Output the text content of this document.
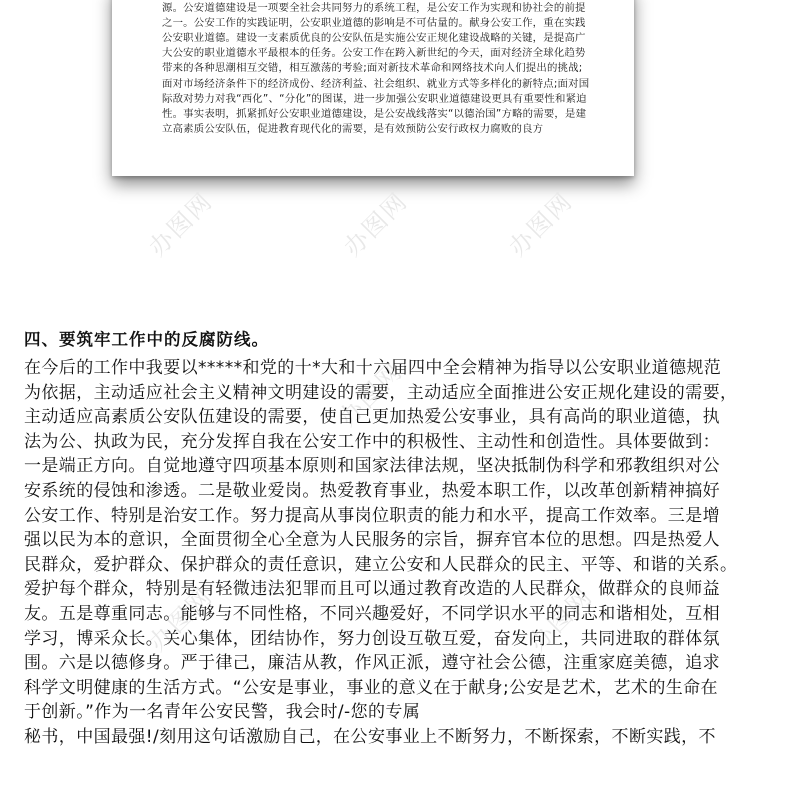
源。公安道德建设是一项要全社会共同努力的系统工程，是公安工作为实现和协社会的前提
之一。公安工作的实践证明，公安职业道德的影响是不可估量的。献身公安工作，重在实践
公安职业道德。建设一支素质优良的公安队伍是实施公安正规化建设战略的关键，是提高广
大公安的职业道德水平最根本的任务。公安工作在跨入新世纪的今天，面对经济全球化趋势
带来的各种思潮相互交错，相互激荡的考验;面对新技术革命和网络技术向人们提出的挑战;
面对市场经济条件下的经济成份、经济利益、社会组织、就业方式等多样化的新特点;面对国
际敌对势力对我“西化”、“分化”的图谋，进一步加强公安职业道德建设更具有重要性和紧迫
性。事实表明，抓紧抓好公安职业道德建设，是公安战线落实“以德治国”方略的需要，是建
立高素质公安队伍，促进教育现代化的需要，是有效预防公安行政权力腐败的良方
办图网	办图网	办图网
办图网
办图网	办图网

四、要筑牢工作中的反腐防线。

在今后的工作中我要以*****和党的十*大和十六届四中全会精神为指导以公安职业道德规范
为依据，主动适应社会主义精神文明建设的需要，主动适应全面推进公安正规化建设的需要，
主动适应高素质公安队伍建设的需要，使自己更加热爱公安事业，具有高尚的职业道德，执
法为公、执政为民，充分发挥自我在公安工作中的积极性、主动性和创造性。具体要做到：
一是端正方向。自觉地遵守四项基本原则和国家法律法规，坚决抵制伪科学和邪教组织对公
安系统的侵蚀和渗透。二是敬业爱岗。热爱教育事业，热爱本职工作，以改革创新精神搞好
公安工作、特别是治安工作。努力提高从事岗位职责的能力和水平，提高工作效率。三是增
强以民为本的意识，全面贯彻全心全意为人民服务的宗旨，摒弃官本位的思想。四是热爱人
民群众，爱护群众、保护群众的责任意识，建立公安和人民群众的民主、平等、和谐的关系。
爱护每个群众，特别是有轻微违法犯罪而且可以通过教育改造的人民群众，做群众的良师益
友。五是尊重同志。能够与不同性格，不同兴趣爱好，不同学识水平的同志和谐相处，互相
学习，博采众长。关心集体，团结协作，努力创设互敬互爱，奋发向上，共同进取的群体氛
围。六是以德修身。严于律己，廉洁从教，作风正派，遵守社会公德，注重家庭美德，追求
科学文明健康的生活方式。“公安是事业，事业的意义在于献身;公安是艺术，艺术的生命在
于创新。”作为一名青年公安民警，我会时/-您的专属
秘书，中国最强!/刻用这句话激励自己，在公安事业上不断努力，不断探索，不断实践，不
